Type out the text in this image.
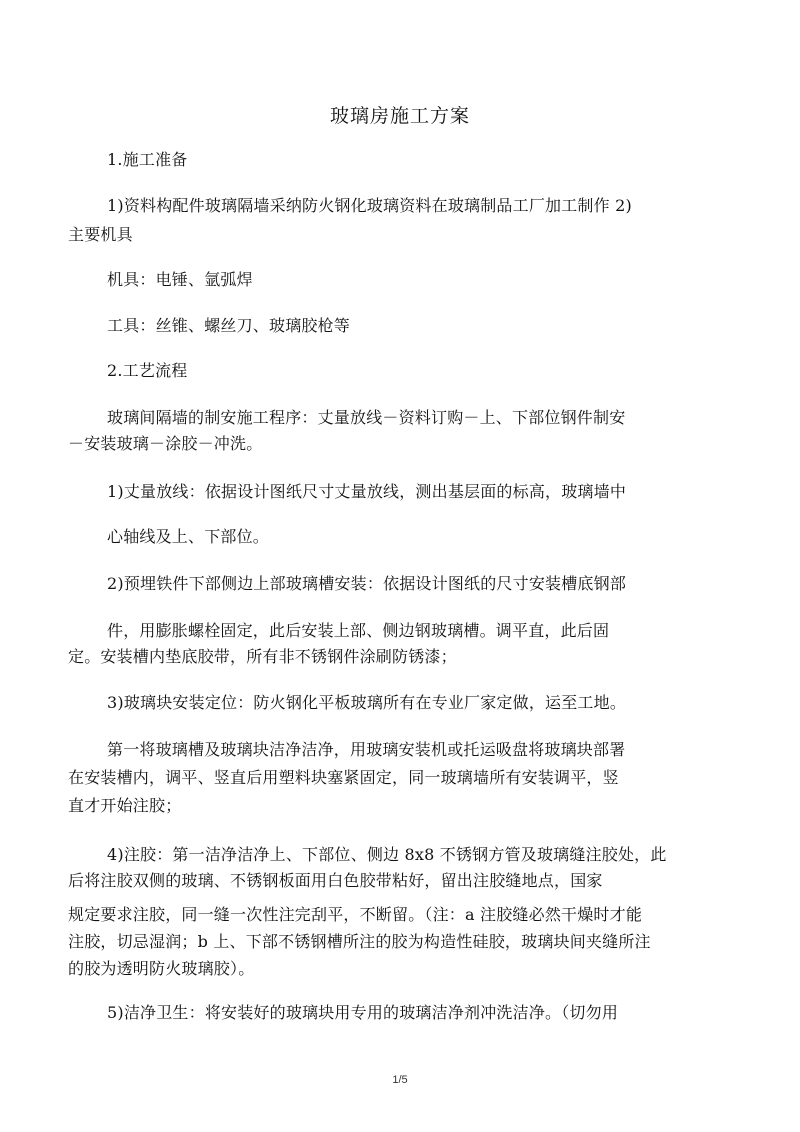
玻璃房施工方案
1.施工准备
1)资料构配件玻璃隔墙采纳防火钢化玻璃资料在玻璃制品工厂加工制作 2)
主要机具
机具：电锤、氩弧焊
工具：丝锥、螺丝刀、玻璃胶枪等
2.工艺流程
玻璃间隔墙的制安施工程序：丈量放线－资料订购－上、下部位钢件制安
－安装玻璃－涂胶－冲洗。
1)丈量放线：依据设计图纸尺寸丈量放线，测出基层面的标高，玻璃墙中
心轴线及上、下部位。
2)预埋铁件下部侧边上部玻璃槽安装：依据设计图纸的尺寸安装槽底钢部
件，用膨胀螺栓固定，此后安装上部、侧边钢玻璃槽。调平直，此后固
定。安装槽内垫底胶带，所有非不锈钢件涂刷防锈漆；
3)玻璃块安装定位：防火钢化平板玻璃所有在专业厂家定做，运至工地。
第一将玻璃槽及玻璃块洁净洁净，用玻璃安装机或托运吸盘将玻璃块部署
在安装槽内，调平、竖直后用塑料块塞紧固定，同一玻璃墙所有安装调平，竖
直才开始注胶；
4)注胶：第一洁净洁净上、下部位、侧边 8x8 不锈钢方管及玻璃缝注胶处，此
后将注胶双侧的玻璃、不锈钢板面用白色胶带粘好，留出注胶缝地点，国家
规定要求注胶，同一缝一次性注完刮平，不断留。（注：a 注胶缝必然干燥时才能
注胶，切忌湿润；b 上、下部不锈钢槽所注的胶为构造性硅胶，玻璃块间夹缝所注
的胶为透明防火玻璃胶）。
5)洁净卫生：将安装好的玻璃块用专用的玻璃洁净剂冲洗洁净。（切勿用
1/5
